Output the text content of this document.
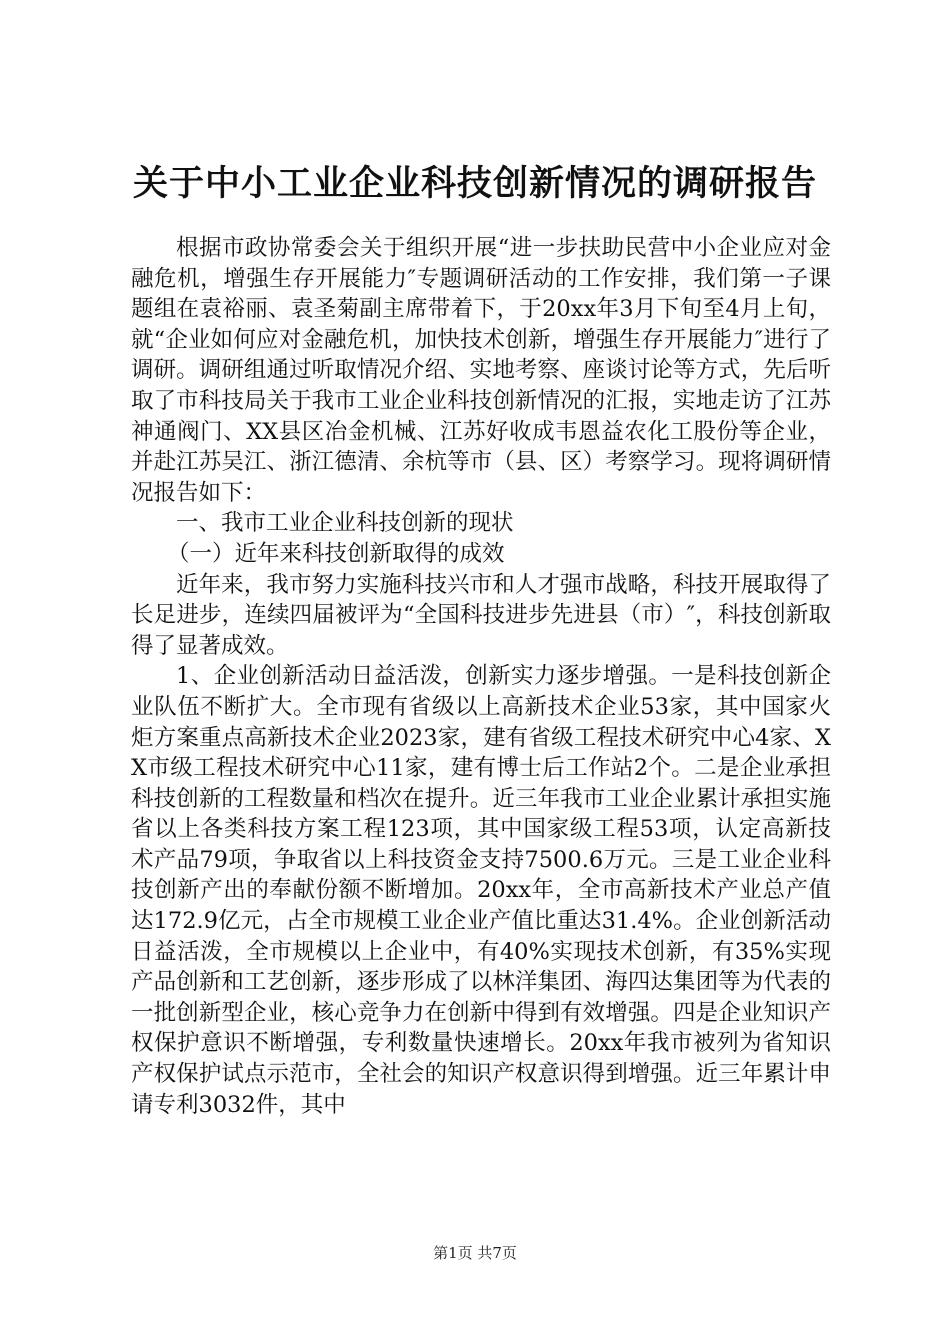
关于中小工业企业科技创新情况的调研报告

根据市政协常委会关于组织开展“进一步扶助民营中小企业应对金融危机，增强生存开展能力″专题调研活动的工作安排，我们第一子课题组在袁裕丽、袁圣菊副主席带着下，于20xx年3月下旬至4月上旬，就“企业如何应对金融危机，加快技术创新，增强生存开展能力″进行了调研。调研组通过听取情况介绍、实地考察、座谈讨论等方式，先后听取了市科技局关于我市工业企业科技创新情况的汇报，实地走访了江苏神通阀门、XX县区冶金机械、江苏好收成韦恩益农化工股份等企业，并赴江苏吴江、浙江德清、余杭等市（县、区）考察学习。现将调研情况报告如下：

一、我市工业企业科技创新的现状

（一）近年来科技创新取得的成效

近年来，我市努力实施科技兴市和人才强市战略，科技开展取得了长足进步，连续四届被评为“全国科技进步先进县（市）″，科技创新取得了显著成效。

1、企业创新活动日益活泼，创新实力逐步增强。一是科技创新企业队伍不断扩大。全市现有省级以上高新技术企业53家，其中国家火炬方案重点高新技术企业2023家，建有省级工程技术研究中心4家、XX市级工程技术研究中心11家，建有博士后工作站2个。二是企业承担科技创新的工程数量和档次在提升。近三年我市工业企业累计承担实施省以上各类科技方案工程123项，其中国家级工程53项，认定高新技术产品79项，争取省以上科技资金支持7500.6万元。三是工业企业科技创新产出的奉献份额不断增加。20xx年，全市高新技术产业总产值达172.9亿元，占全市规模工业企业产值比重达31.4%。企业创新活动日益活泼，全市规模以上企业中，有40%实现技术创新，有35%实现产品创新和工艺创新，逐步形成了以林洋集团、海四达集团等为代表的一批创新型企业，核心竞争力在创新中得到有效增强。四是企业知识产权保护意识不断增强，专利数量快速增长。20xx年我市被列为省知识产权保护试点示范市，全社会的知识产权意识得到增强。近三年累计申请专利3032件，其中

第1页 共7页
